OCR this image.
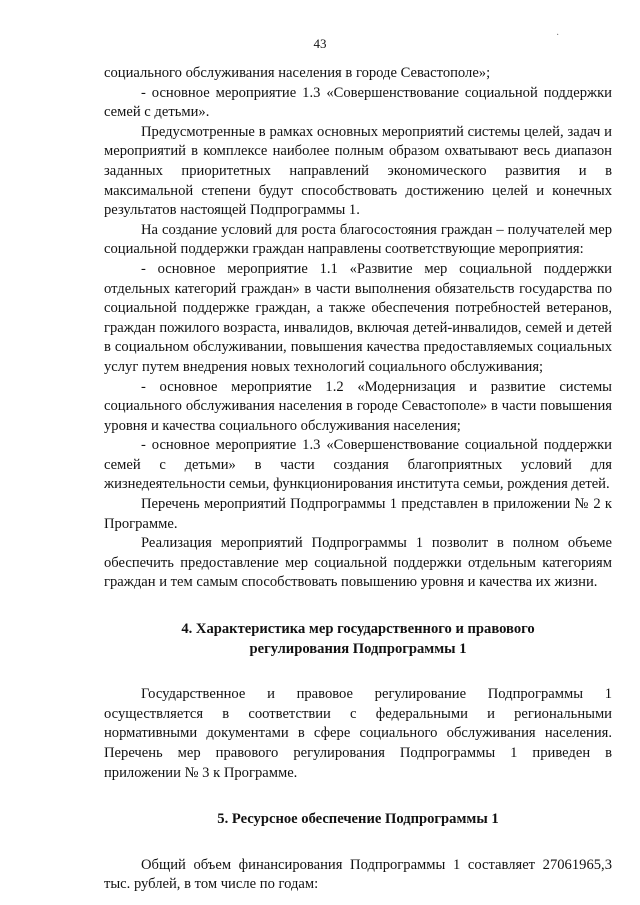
43
·

социального обслуживания населения в городе Севастополе»;

- основное мероприятие 1.3 «Совершенствование социальной поддержки семей с детьми».

Предусмотренные в рамках основных мероприятий системы целей, задач и мероприятий в комплексе наиболее полным образом охватывают весь диапазон заданных приоритетных направлений экономического развития и в максимальной степени будут способствовать достижению целей и конечных результатов настоящей Подпрограммы 1.

На создание условий для роста благосостояния граждан – получателей мер социальной поддержки граждан направлены соответствующие мероприятия:

- основное мероприятие 1.1 «Развитие мер социальной поддержки отдельных категорий граждан» в части выполнения обязательств государства по социальной поддержке граждан, а также обеспечения потребностей ветеранов, граждан пожилого возраста, инвалидов, включая детей-инвалидов, семей и детей в социальном обслуживании, повышения качества предоставляемых социальных услуг путем внедрения новых технологий социального обслуживания;

- основное мероприятие 1.2 «Модернизация и развитие системы социального обслуживания населения в городе Севастополе» в части повышения уровня и качества социального обслуживания населения;

- основное мероприятие 1.3 «Совершенствование социальной поддержки семей с детьми» в части создания благоприятных условий для жизнедеятельности семьи, функционирования института семьи, рождения детей.

Перечень мероприятий Подпрограммы 1 представлен в приложении № 2 к Программе.

Реализация мероприятий Подпрограммы 1 позволит в полном объеме обеспечить предоставление мер социальной поддержки отдельным категориям граждан и тем самым способствовать повышению уровня и качества их жизни.

4. Характеристика мер государственного и правового
регулирования Подпрограммы 1

Государственное и правовое регулирование Подпрограммы 1 осуществляется в соответствии с федеральными и региональными нормативными документами в сфере социального обслуживания населения. Перечень мер правового регулирования Подпрограммы 1 приведен в приложении № 3 к Программе.

5. Ресурсное обеспечение Подпрограммы 1

Общий объем финансирования Подпрограммы 1 составляет 27061965,3 тыс. рублей, в том числе по годам:
